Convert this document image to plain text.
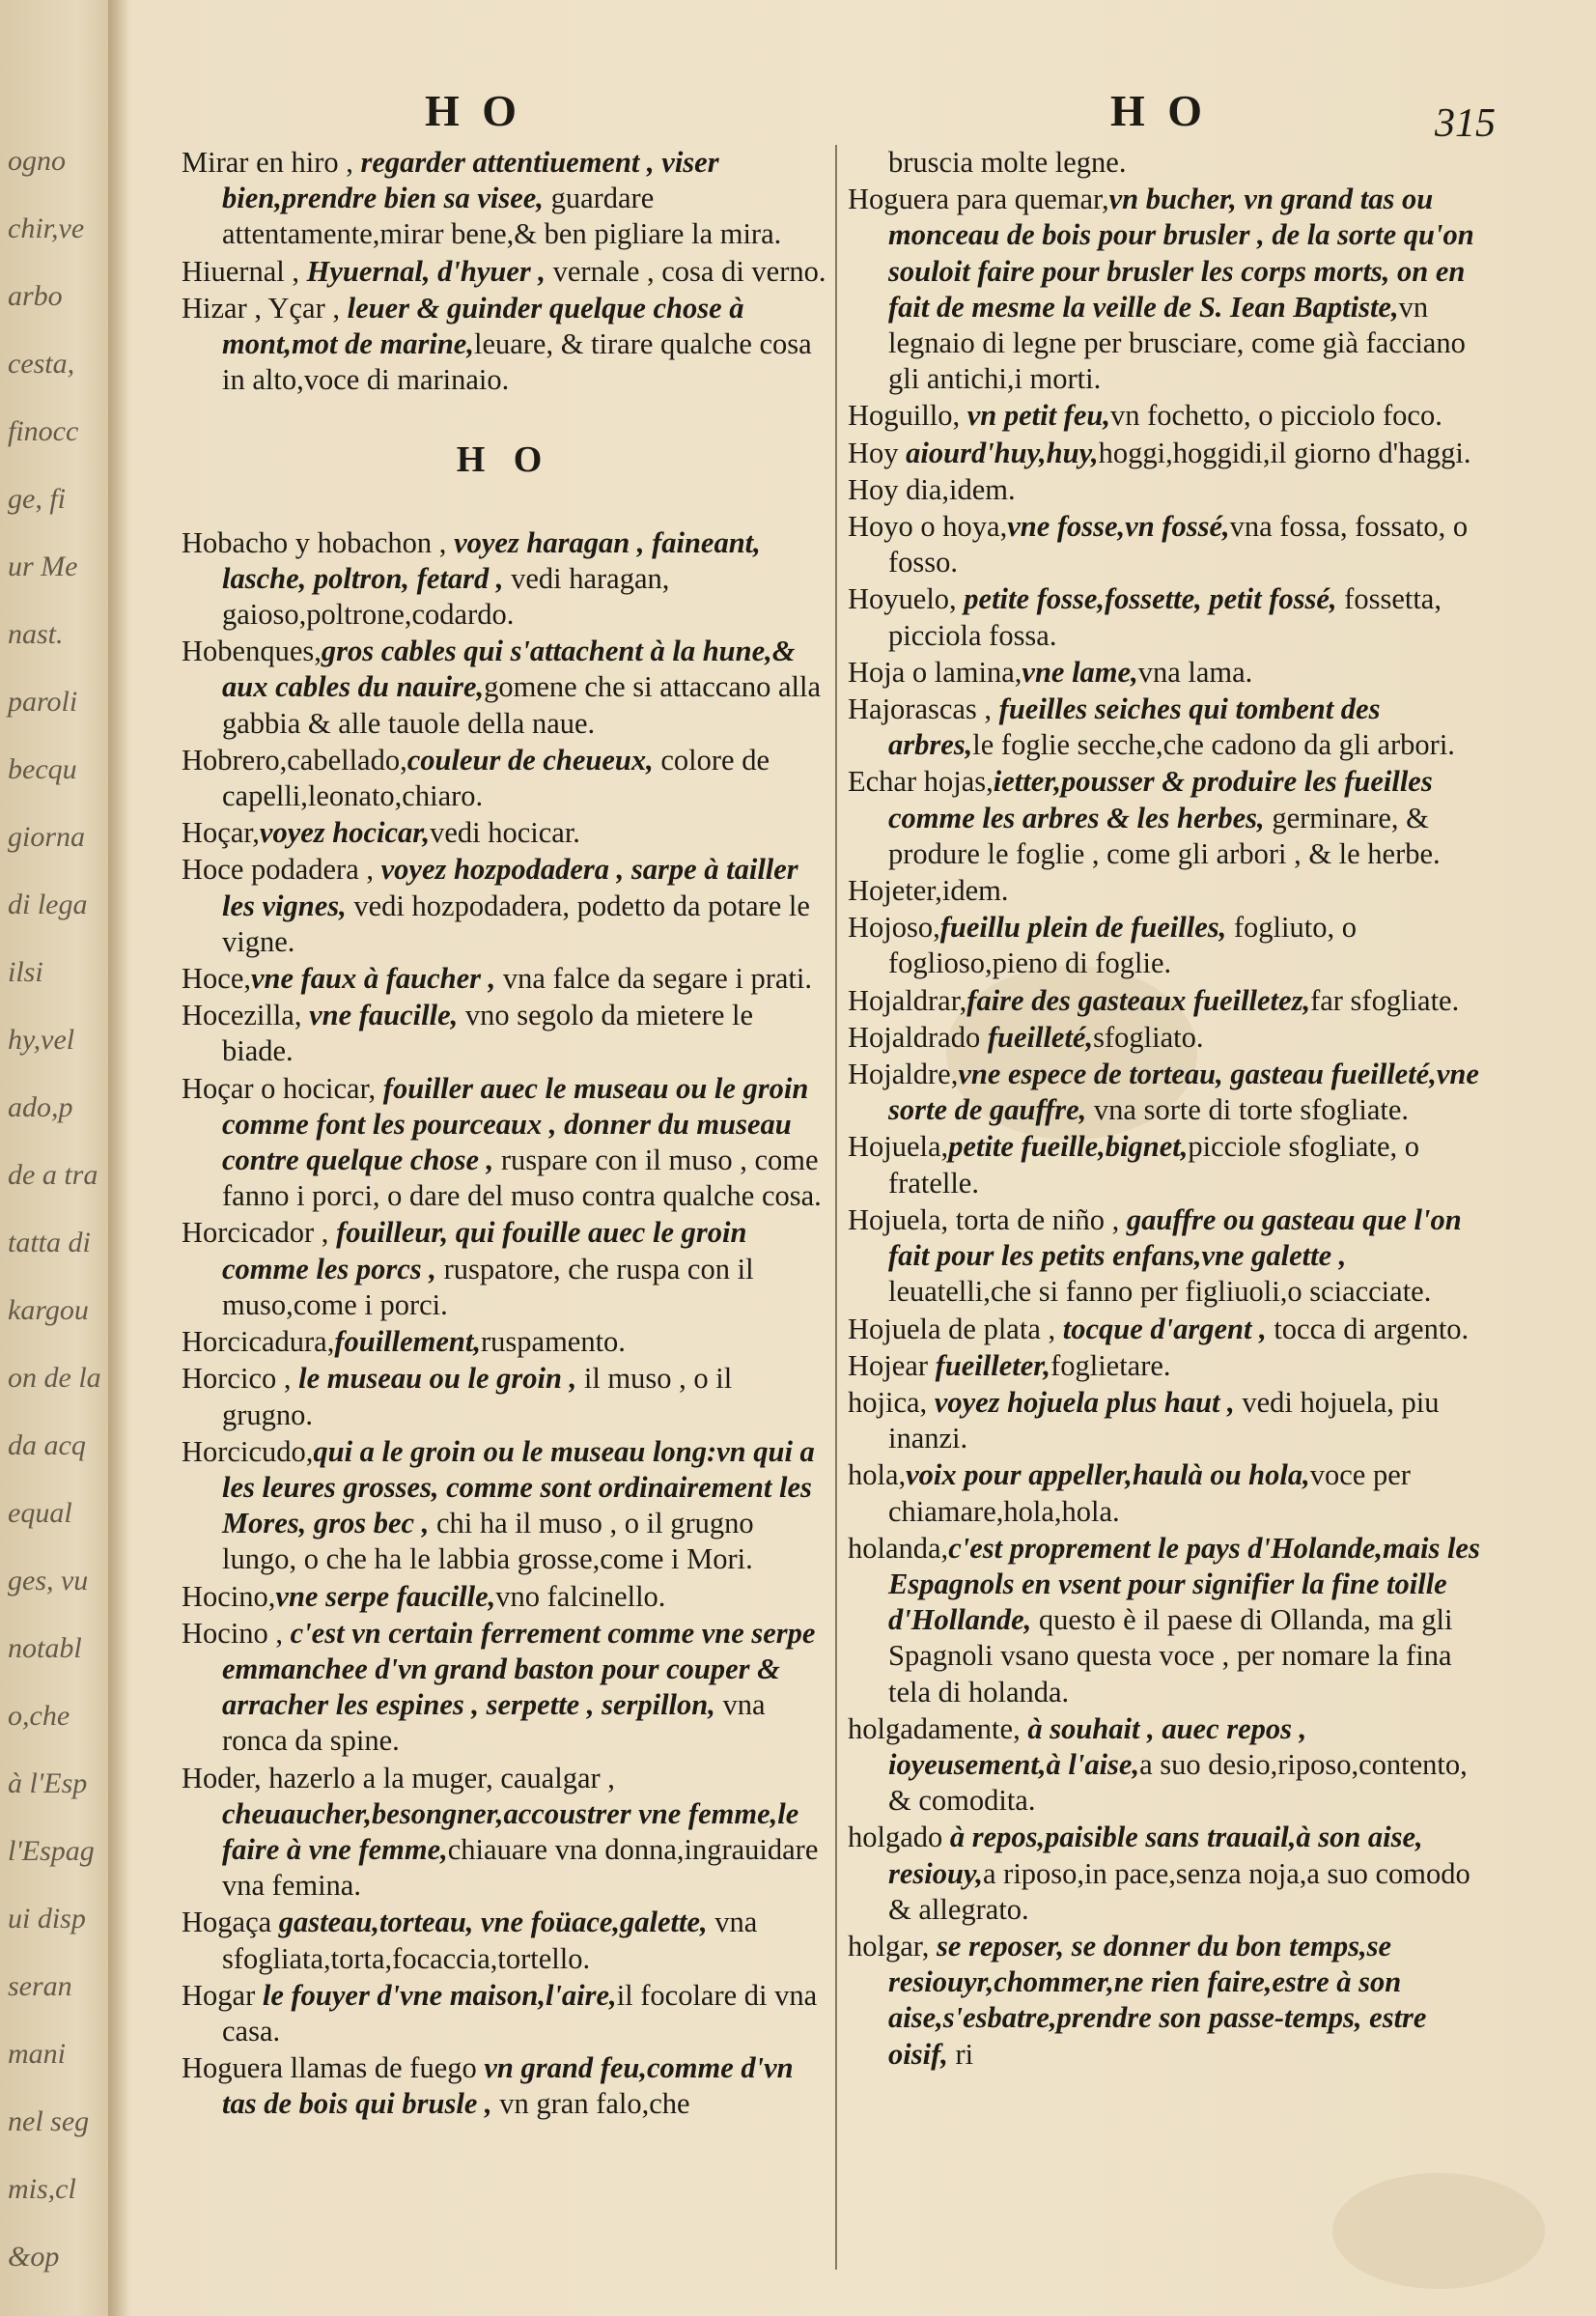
ogno
chir,ve
arbo
cesta,
finocc
ge, fi
ur Me
nast.
paroli
becqu
giorna
di lega
ilsi
hy,vel
ado,p
de a tra
tatta di
kargou
on de la
da acq
equal
ges, vu
notabl
o,che
à l'Esp
l'Espag
ui disp
seran
mani
nel seg
mis,cl
&op
H O	H O	315

Mirar en hiro , regarder attentiuement , viser bien,prendre bien sa visee, guardare attentamente,mirar bene,& ben pigliare la mira.

Hiuernal , Hyuernal, d'hyuer , vernale , cosa di verno.

Hizar , Yçar , leuer & guinder quelque chose à mont,mot de marine,leuare, & tirare qualche cosa in alto,voce di marinaio.

H O

Hobacho y hobachon , voyez haragan , faineant, lasche, poltron, fetard , vedi haragan, gaioso,poltrone,codardo.

Hobenques,gros cables qui s'attachent à la hune,& aux cables du nauire,gomene che si attaccano alla gabbia & alle tauole della naue.

Hobrero,cabellado,couleur de cheueux, colore de capelli,leonato,chiaro.

Hoçar,voyez hocicar,vedi hocicar.

Hoce podadera , voyez hozpodadera , sarpe à tailler les vignes, vedi hozpodadera, podetto da potare le vigne.

Hoce,vne faux à faucher , vna falce da segare i prati.

Hocezilla, vne faucille, vno segolo da mietere le biade.

Hoçar o hocicar, fouiller auec le museau ou le groin comme font les pourceaux , donner du museau contre quelque chose , ruspare con il muso , come fanno i porci, o dare del muso contra qualche cosa.

Horcicador , fouilleur, qui fouille auec le groin comme les porcs , ruspatore, che ruspa con il muso,come i porci.

Horcicadura,fouillement,ruspamento.

Horcico , le museau ou le groin , il muso , o il grugno.

Horcicudo,qui a le groin ou le museau long:vn qui a les leures grosses, comme sont ordinairement les Mores, gros bec , chi ha il muso , o il grugno lungo, o che ha le labbia grosse,come i Mori.

Hocino,vne serpe faucille,vno falcinello.

Hocino , c'est vn certain ferrement comme vne serpe emmanchee d'vn grand baston pour couper & arracher les espines , serpette , serpillon, vna ronca da spine.

Hoder, hazerlo a la muger, caualgar , cheuaucher,besongner,accoustrer vne femme,le faire à vne femme,chiauare vna donna,ingrauidare vna femina.

Hogaça gasteau,torteau, vne foüace,galette, vna sfogliata,torta,focaccia,tortello.

Hogar le fouyer d'vne maison,l'aire,il focolare di vna casa.

Hoguera llamas de fuego vn grand feu,comme d'vn tas de bois qui brusle , vn gran falo,che

bruscia molte legne.

Hoguera para quemar,vn bucher, vn grand tas ou monceau de bois pour brusler , de la sorte qu'on souloit faire pour brusler les corps morts, on en fait de mesme la veille de S. Iean Baptiste,vn legnaio di legne per brusciare, come già facciano gli antichi,i morti.

Hoguillo, vn petit feu,vn fochetto, o picciolo foco.

Hoy aiourd'huy,huy,hoggi,hoggidi,il giorno d'haggi.

Hoy dia,idem.

Hoyo o hoya,vne fosse,vn fossé,vna fossa, fossato, o fosso.

Hoyuelo, petite fosse,fossette, petit fossé, fossetta, picciola fossa.

Hoja o lamina,vne lame,vna lama.

Hajorascas , fueilles seiches qui tombent des arbres,le foglie secche,che cadono da gli arbori.

Echar hojas,ietter,pousser & produire les fueilles comme les arbres & les herbes, germinare, & produre le foglie , come gli arbori , & le herbe.

Hojeter,idem.

Hojoso,fueillu plein de fueilles, fogliuto, o foglioso,pieno di foglie.

Hojaldrar,faire des gasteaux fueilletez,far sfogliate.

Hojaldrado fueilleté,sfogliato.

Hojaldre,vne espece de torteau, gasteau fueilleté,vne sorte de gauffre, vna sorte di torte sfogliate.

Hojuela,petite fueille,bignet,picciole sfogliate, o fratelle.

Hojuela, torta de niño , gauffre ou gasteau que l'on fait pour les petits enfans,vne galette , leuatelli,che si fanno per figliuoli,o sciacciate.

Hojuela de plata , tocque d'argent , tocca di argento.

Hojear fueilleter,foglietare.

hojica, voyez hojuela plus haut , vedi hojuela, piu inanzi.

hola,voix pour appeller,haulà ou hola,voce per chiamare,hola,hola.

holanda,c'est proprement le pays d'Holande,mais les Espagnols en vsent pour signifier la fine toille d'Hollande, questo è il paese di Ollanda, ma gli Spagnoli vsano questa voce , per nomare la fina tela di holanda.

holgadamente, à souhait , auec repos , ioyeusement,à l'aise,a suo desio,riposo,contento, & comodita.

holgado à repos,paisible sans trauail,à son aise, resiouy,a riposo,in pace,senza noja,a suo comodo & allegrato.

holgar, se reposer, se donner du bon temps,se resiouyr,chommer,ne rien faire,estre à son aise,s'esbatre,prendre son passe-temps, estre oisif, ri
